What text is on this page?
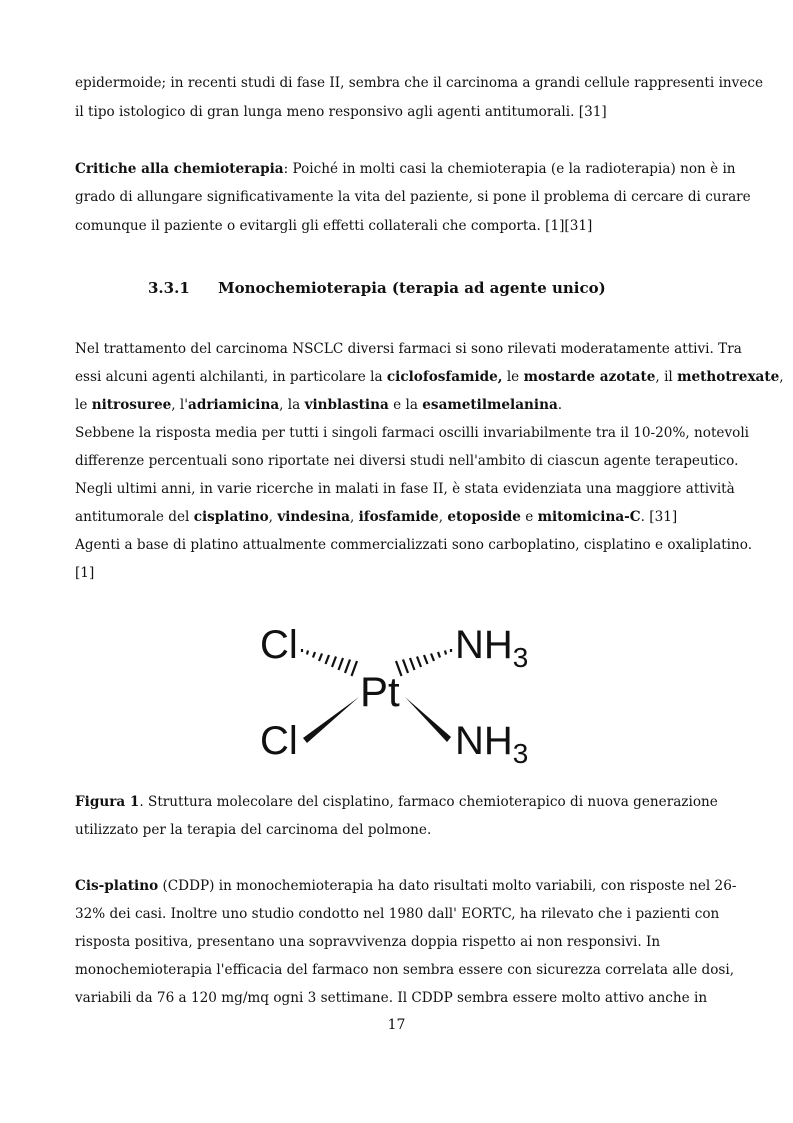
epidermoide; in recenti studi di fase II, sembra che il carcinoma a grandi cellule rappresenti invece
il tipo istologico di gran lunga meno responsivo agli agenti antitumorali. [31]
Critiche alla chemioterapia: Poiché in molti casi la chemioterapia (e la radioterapia) non è in
grado di allungare significativamente la vita del paziente, si pone il problema di cercare di curare
comunque il paziente o evitargli gli effetti collaterali che comporta. [1][31]
Nel trattamento del carcinoma NSCLC diversi farmaci si sono rilevati moderatamente attivi. Tra
essi alcuni agenti alchilanti, in particolare la ciclofosfamide, le mostarde azotate, il methotrexate,
le nitrosuree, l'adriamicina, la vinblastina e la esametilmelanina.
Sebbene la risposta media per tutti i singoli farmaci oscilli invariabilmente tra il 10-20%, notevoli
differenze percentuali sono riportate nei diversi studi nell'ambito di ciascun agente terapeutico.
Negli ultimi anni, in varie ricerche in malati in fase II, è stata evidenziata una maggiore attività
antitumorale del cisplatino, vindesina, ifosfamide, etoposide e mitomicina-C. [31]
Agenti a base di platino attualmente commercializzati sono carboplatino, cisplatino e oxaliplatino.
[1]
Figura 1. Struttura molecolare del cisplatino, farmaco chemioterapico di nuova generazione
utilizzato per la terapia del carcinoma del polmone.
Cis-platino (CDDP) in monochemioterapia ha dato risultati molto variabili, con risposte nel 26-
32% dei casi. Inoltre uno studio condotto nel 1980 dall' EORTC, ha rilevato che i pazienti con
risposta positiva, presentano una sopravvivenza doppia rispetto ai non responsivi. In
monochemioterapia l'efficacia del farmaco non sembra essere con sicurezza correlata alle dosi,
variabili da 76 a 120 mg/mq ogni 3 settimane. Il CDDP sembra essere molto attivo anche in
3.3.1 Monochemioterapia (terapia ad agente unico)
Cl
Cl
Pt
$NH_3$
$NH_3$
17
